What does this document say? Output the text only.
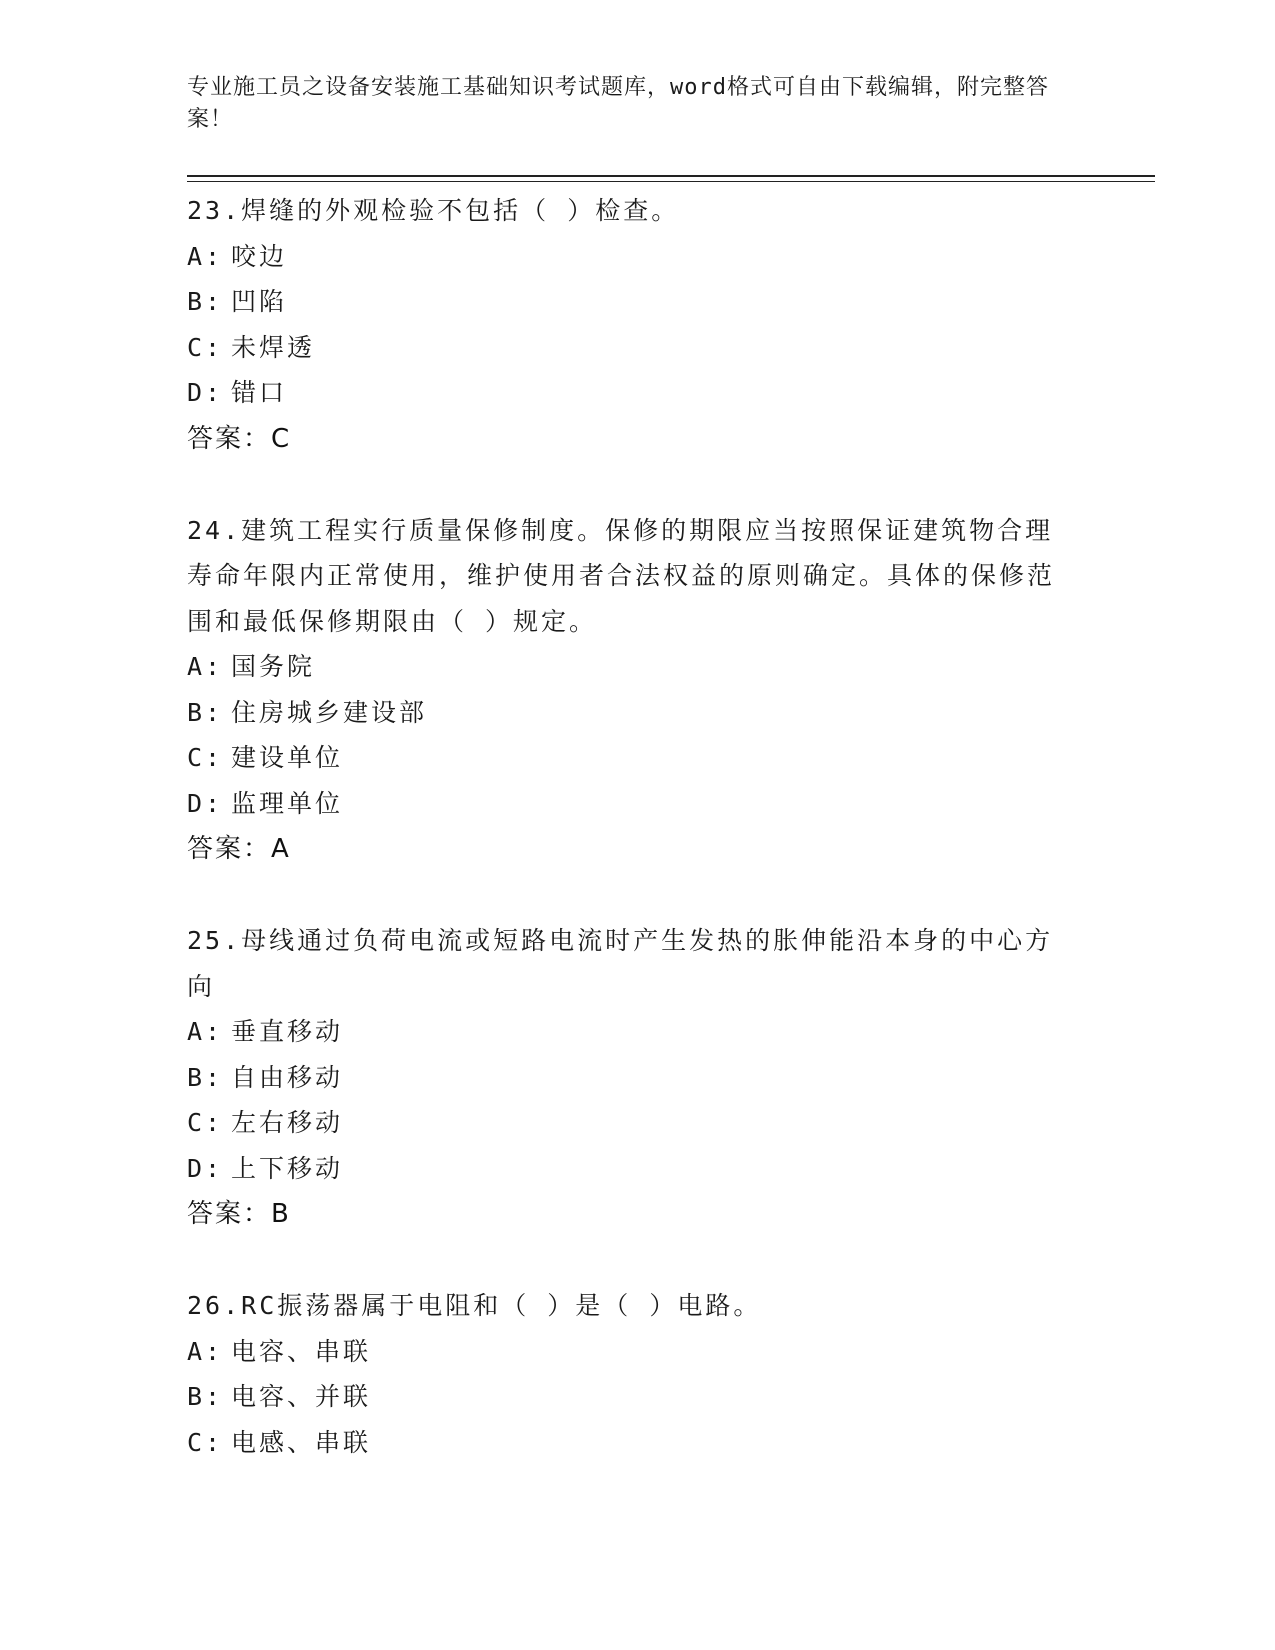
专业施工员之设备安装施工基础知识考试题库，word格式可自由下载编辑，附完整答案！

23.焊缝的外观检验不包括（ ）检查。

A: 咬边

B: 凹陷

C: 未焊透

D: 错口

答案：C

24.建筑工程实行质量保修制度。保修的期限应当按照保证建筑物合理寿命年限内正常使用，维护使用者合法权益的原则确定。具体的保修范围和最低保修期限由（ ）规定。

A: 国务院

B: 住房城乡建设部

C: 建设单位

D: 监理单位

答案：A

25.母线通过负荷电流或短路电流时产生发热的胀伸能沿本身的中心方向

A: 垂直移动

B: 自由移动

C: 左右移动

D: 上下移动

答案：B

26.RC振荡器属于电阻和（ ）是（ ）电路。

A: 电容、串联

B: 电容、并联

C: 电感、串联
